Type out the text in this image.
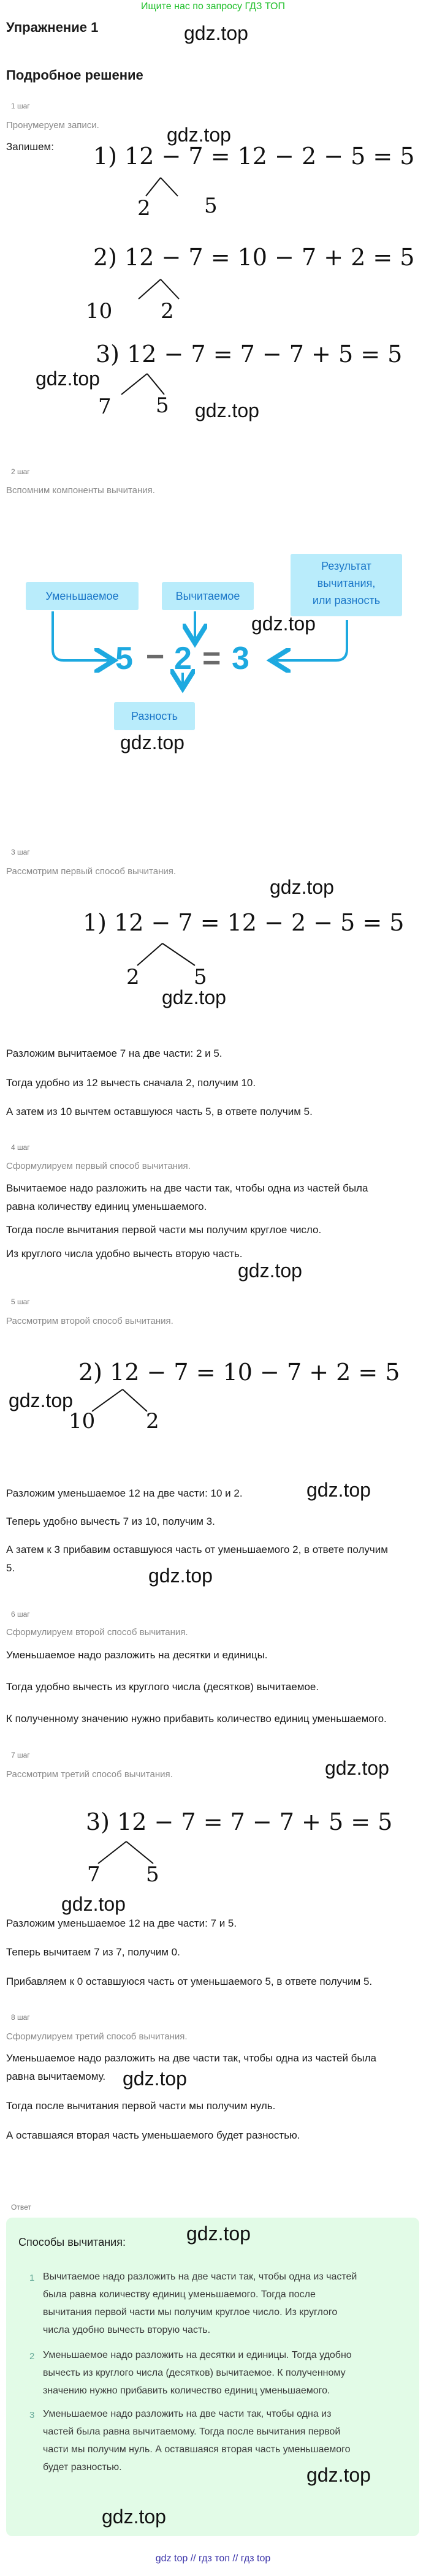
Ищите нас по запросу ГДЗ ТОП
Упражнение 1	gdz.top
Подробное решение
1 шаг
Пронумеруем записи.
Запишем:
gdz.top
1) 12 − 7 = 12 − 2 − 5 = 5
2	5
2) 12 − 7 = 10 − 7 + 2 = 5
10 2
3) 12 − 7 = 7 − 7 + 5 = 5
gdz.top
7 5 gdz.top
2 шаг
Вспомним компоненты вычитания.
Уменьшаемое	Вычитаемое
Результат
вычитания,
или разность
5 − 2 = 3
gdz.top
Разность
gdz.top
3 шаг
Рассмотрим первый способ вычитания.
gdz.top
1) 12 − 7 = 12 − 2 − 5 = 5
2	5
gdz.top
Разложим вычитаемое 7 на две части: 2 и 5.
Тогда удобно из 12 вычесть сначала 2, получим 10.
А затем из 10 вычтем оставшуюся часть 5, в ответе получим 5.
4 шаг
Сформулируем первый способ вычитания.
Вычитаемое надо разложить на две части так, чтобы одна из частей была
равна количеству единиц уменьшаемого.
Тогда после вычитания первой части мы получим круглое число.
Из круглого числа удобно вычесть вторую часть.
gdz.top
5 шаг
Рассмотрим второй способ вычитания.
2) 12 − 7 = 10 − 7 + 2 = 5
gdz.top
10 2
Разложим уменьшаемое 12 на две части: 10 и 2.	gdz.top
Теперь удобно вычесть 7 из 10, получим 3.
А затем к 3 прибавим оставшуюся часть от уменьшаемого 2, в ответе получим
5.	gdz.top
6 шаг
Сформулируем второй способ вычитания.
Уменьшаемое надо разложить на десятки и единицы.
Тогда удобно вычесть из круглого числа (десятков) вычитаемое.
К полученному значению нужно прибавить количество единиц уменьшаемого.
7 шаг
Рассмотрим третий способ вычитания.	gdz.top
3) 12 − 7 = 7 − 7 + 5 = 5
7 5
gdz.top
Разложим уменьшаемое 12 на две части: 7 и 5.
Теперь вычитаем 7 из 7, получим 0.
Прибавляем к 0 оставшуюся часть от уменьшаемого 5, в ответе получим 5.
8 шаг
Сформулируем третий способ вычитания.
Уменьшаемое надо разложить на две части так, чтобы одна из частей была
равна вычитаемому. gdz.top
Тогда после вычитания первой части мы получим нуль.
А оставшаяся вторая часть уменьшаемого будет разностью.
Ответ
Способы вычитания:	gdz.top
1 Вычитаемое надо разложить на две части так, чтобы одна из частей
была равна количеству единиц уменьшаемого. Тогда после
вычитания первой части мы получим круглое число. Из круглого
числа удобно вычесть вторую часть.
2 Уменьшаемое надо разложить на десятки и единицы. Тогда удобно
вычесть из круглого числа (десятков) вычитаемое. К полученному
значению нужно прибавить количество единиц уменьшаемого.
3 Уменьшаемое надо разложить на две части так, чтобы одна из
частей была равна вычитаемому. Тогда после вычитания первой
части мы получим нуль. А оставшаяся вторая часть уменьшаемого
будет разностью.	gdz.top
gdz.top
gdz top // гдз топ // гдз top
